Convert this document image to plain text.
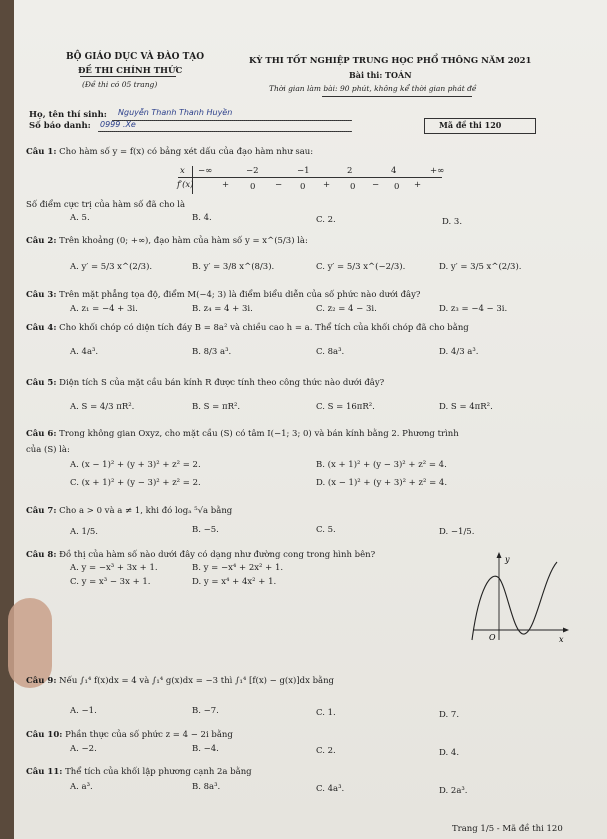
BỘ GIÁO DỤC VÀ ĐÀO TẠO
ĐỀ THI CHÍNH THỨC
(Đề thi có 05 trang)
KỲ THI TỐT NGHIỆP TRUNG HỌC PHỔ THÔNG NĂM 2021
Bài thi: TOÁN
Thời gian làm bài: 90 phút, không kể thời gian phát đề
Họ, tên thí sinh: Nguyễn Thanh Thanh Huyền
Số báo danh: 0999 .Xe	Mã đề thi 120
Câu 1: Cho hàm số y = f(x) có bảng xét dấu của đạo hàm như sau:
x −∞	−2	−1	2	4	+∞
f′(x)	+ 0 − 0 + 0 − 0 +
Số điểm cực trị của hàm số đã cho là
A. 5.	B. 4.	C. 2.	D. 3.
Câu 2: Trên khoảng (0; +∞), đạo hàm của hàm số y = x^(5/3) là:
A. y′ = 5/3 x^(2/3).	B. y′ = 3/8 x^(8/3).	C. y′ = 5/3 x^(−2/3).	D. y′ = 3/5 x^(2/3).
Câu 3: Trên mặt phẳng tọa độ, điểm M(−4; 3) là điểm biểu diễn của số phức nào dưới đây?
A. z₁ = −4 + 3i.	B. z₄ = 4 + 3i.	C. z₂ = 4 − 3i.	D. z₃ = −4 − 3i.
Câu 4: Cho khối chóp có diện tích đáy B = 8a² và chiều cao h = a. Thể tích của khối chóp đã cho bằng
A. 4a³.	B. 8/3 a³.	C. 8a³.	D. 4/3 a³.
Câu 5: Diện tích S của mặt cầu bán kính R được tính theo công thức nào dưới đây?
A. S = 4/3 πR².	B. S = πR².	C. S = 16πR².	D. S = 4πR².
Câu 6: Trong không gian Oxyz, cho mặt cầu (S) có tâm I(−1; 3; 0) và bán kính bằng 2. Phương trình
của (S) là:
A. (x − 1)² + (y + 3)² + z² = 2.	B. (x + 1)² + (y − 3)² + z² = 4.
C. (x + 1)² + (y − 3)² + z² = 2.	D. (x − 1)² + (y + 3)² + z² = 4.
Câu 7: Cho a > 0 và a ≠ 1, khi đó logₐ ⁵√a bằng
A. 1/5.	B. −5.	C. 5.	D. −1/5.
Câu 8: Đồ thị của hàm số nào dưới đây có dạng như đường cong trong hình bên?
A. y = −x³ + 3x + 1.	B. y = −x⁴ + 2x² + 1.
C. y = x³ − 3x + 1.	D. y = x⁴ + 4x² + 1.
y
x
O
Câu 9: Nếu ∫₁⁴ f(x)dx = 4 và ∫₁⁴ g(x)dx = −3 thì ∫₁⁴ [f(x) − g(x)]dx bằng
A. −1.	B. −7.	C. 1.	D. 7.
Câu 10: Phần thực của số phức z = 4 − 2i bằng
A. −2.	B. −4.	C. 2.	D. 4.
Câu 11: Thể tích của khối lập phương cạnh 2a bằng
A. a³.	B. 8a³.	C. 4a³.	D. 2a³.
Trang 1/5 - Mã đề thi 120
